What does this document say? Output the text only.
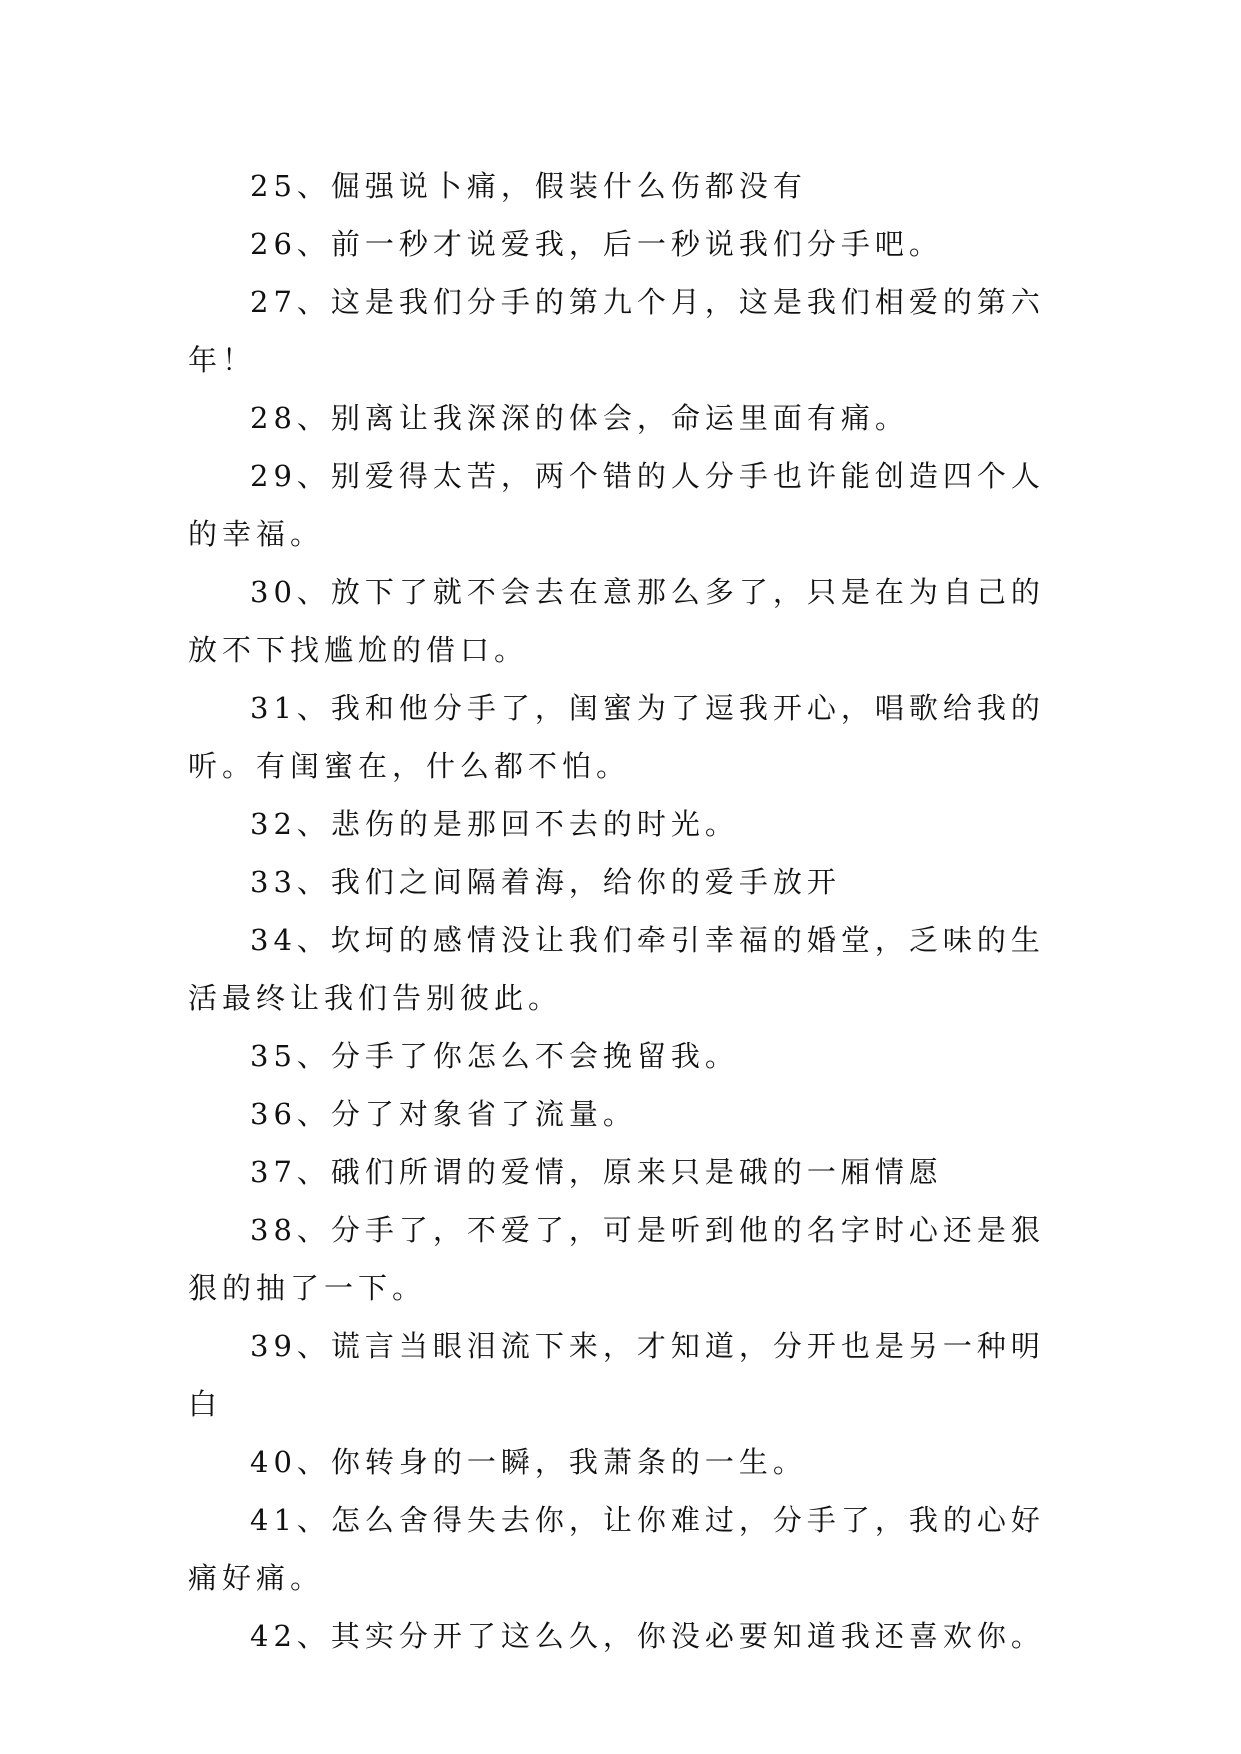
25、倔强说卜痛，假装什么伤都没有

26、前一秒才说爱我，后一秒说我们分手吧。

27、这是我们分手的第九个月，这是我们相爱的第六年！

28、别离让我深深的体会，命运里面有痛。

29、别爱得太苦，两个错的人分手也许能创造四个人的幸福。

30、放下了就不会去在意那么多了，只是在为自己的放不下找尴尬的借口。

31、我和他分手了，闺蜜为了逗我开心，唱歌给我的听。有闺蜜在，什么都不怕。

32、悲伤的是那回不去的时光。

33、我们之间隔着海，给你的爱手放开

34、坎坷的感情没让我们牵引幸福的婚堂，乏味的生活最终让我们告别彼此。

35、分手了你怎么不会挽留我。

36、分了对象省了流量。

37、硪们所谓的爱情，原来只是硪的一厢情愿

38、分手了，不爱了，可是听到他的名字时心还是狠狠的抽了一下。

39、谎言当眼泪流下来，才知道，分开也是另一种明白

40、你转身的一瞬，我萧条的一生。

41、怎么舍得失去你，让你难过，分手了，我的心好痛好痛。

42、其实分开了这么久，你没必要知道我还喜欢你。
